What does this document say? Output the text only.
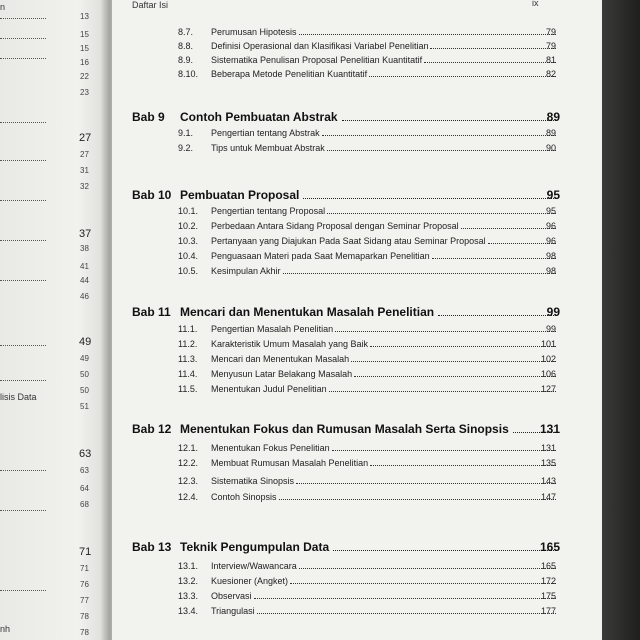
n
lisis Data
nh
13
15
15
16
22
23
27
27
31
32
37
38
41
44
46
49
49
50
50
51
63
63
64
68
71
71
76
77
78
78
Daftar Isi	ix
8.7.	Perumusan Hipotesis	79
8.8.	Definisi Operasional dan Klasifikasi Variabel Penelitian	79
8.9.	Sistematika Penulisan Proposal Penelitian Kuantitatif	81
8.10.	Beberapa Metode Penelitian Kuantitatif	82
Bab 9	Contoh Pembuatan Abstrak	89
9.1.	Pengertian tentang Abstrak	89
9.2.	Tips untuk Membuat Abstrak	90
Bab 10 Pembuatan Proposal	95
10.1.	Pengertian tentang Proposal	95
10.2.	Perbedaan Antara Sidang Proposal dengan Seminar Proposal	96
10.3.	Pertanyaan yang Diajukan Pada Saat Sidang atau Seminar Proposal	96
10.4.	Penguasaan Materi pada Saat Memaparkan Penelitian	98
10.5.	Kesimpulan Akhir	98
Bab 11 Mencari dan Menentukan Masalah Penelitian	99
11.1.	Pengertian Masalah Penelitian	99
11.2.	Karakteristik Umum Masalah yang Baik	101
11.3.	Mencari dan Menentukan Masalah	102
11.4.	Menyusun Latar Belakang Masalah	106
11.5.	Menentukan Judul Penelitian	127
Bab 12 Menentukan Fokus dan Rumusan Masalah Serta Sinopsis	131
12.1.	Menentukan Fokus Penelitian	131
12.2.	Membuat Rumusan Masalah Penelitian	135
12.3.	Sistematika Sinopsis	143
12.4.	Contoh Sinopsis	147
Bab 13 Teknik Pengumpulan Data	165
13.1.	Interview/Wawancara	165
13.2.	Kuesioner (Angket)	172
13.3.	Observasi	175
13.4.	Triangulasi	177
